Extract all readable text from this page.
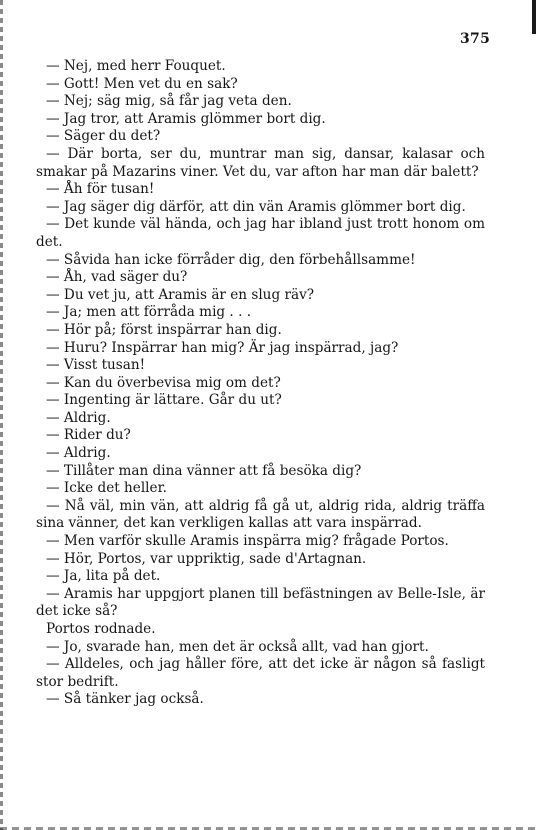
375

— Nej, med herr Fouquet.

— Gott! Men vet du en sak?

— Nej; säg mig, så får jag veta den.

— Jag tror, att Aramis glömmer bort dig.

— Säger du det?

— Där borta, ser du, muntrar man sig, dansar, kalasar och smakar på Mazarins viner. Vet du, var afton har man där balett?

— Åh för tusan!

— Jag säger dig därför, att din vän Aramis glömmer bort dig.

— Det kunde väl hända, och jag har ibland just trott honom om det.

— Såvida han icke förråder dig, den förbehållsamme!

— Åh, vad säger du?

— Du vet ju, att Aramis är en slug räv?

— Ja; men att förråda mig . . .

— Hör på; först inspärrar han dig.

— Huru? Inspärrar han mig? Är jag inspärrad, jag?

— Visst tusan!

— Kan du överbevisa mig om det?

— Ingenting är lättare. Går du ut?

— Aldrig.

— Rider du?

— Aldrig.

— Tillåter man dina vänner att få besöka dig?

— Icke det heller.

— Nå väl, min vän, att aldrig få gå ut, aldrig rida, aldrig träffa sina vänner, det kan verkligen kallas att vara inspärrad.

— Men varför skulle Aramis inspärra mig? frågade Portos.

— Hör, Portos, var uppriktig, sade d'Artagnan.

— Ja, lita på det.

— Aramis har uppgjort planen till befästningen av Belle-Isle, är det icke så?

Portos rodnade.

— Jo, svarade han, men det är också allt, vad han gjort.

— Alldeles, och jag håller före, att det icke är någon så fasligt stor bedrift.

— Så tänker jag också.
